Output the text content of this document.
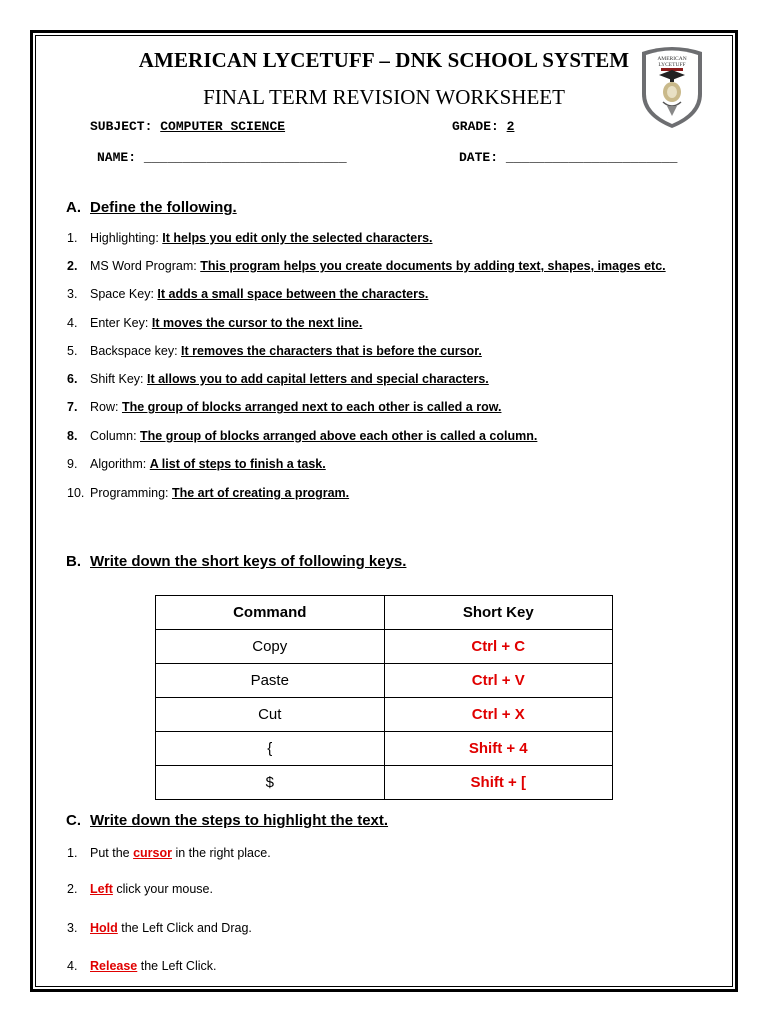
AMERICAN LYCETUFF – DNK SCHOOL SYSTEM
FINAL TERM REVISION WORKSHEET
SUBJECT: COMPUTER SCIENCE	GRADE: 2
NAME: __________________________	DATE: ______________________
AMERICAN
LYCETUFF
A. Define the following.
1. Highlighting: It helps you edit only the selected characters.
2. MS Word Program: This program helps you create documents by adding text, shapes, images etc.
3. Space Key: It adds a small space between the characters.
4. Enter Key: It moves the cursor to the next line.
5. Backspace key: It removes the characters that is before the cursor.
6. Shift Key: It allows you to add capital letters and special characters.
7. Row: The group of blocks arranged next to each other is called a row.
8. Column: The group of blocks arranged above each other is called a column.
9. Algorithm: A list of steps to finish a task.
10. Programming: The art of creating a program.
B. Write down the short keys of following keys.
Command	Short Key
Copy	Ctrl + C
Paste	Ctrl + V
Cut	Ctrl + X
{	Shift + 4
$	Shift + [
C. Write down the steps to highlight the text.
1. Put the cursor in the right place.
2. Left click your mouse.
3. Hold the Left Click and Drag.
4. Release the Left Click.
